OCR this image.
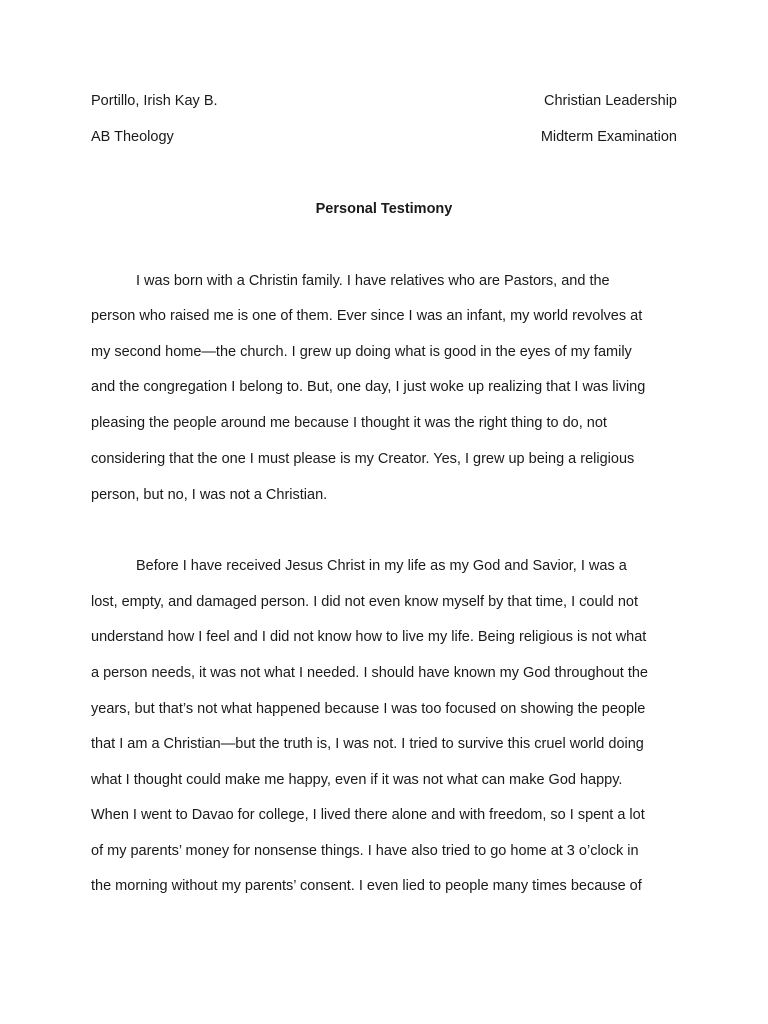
Portillo, Irish Kay B.	Christian Leadership
AB Theology	Midterm Examination
Personal Testimony
I was born with a Christin family. I have relatives who are Pastors, and the
person who raised me is one of them. Ever since I was an infant, my world revolves at
my second home—the church. I grew up doing what is good in the eyes of my family
and the congregation I belong to. But, one day, I just woke up realizing that I was living
pleasing the people around me because I thought it was the right thing to do, not
considering that the one I must please is my Creator. Yes, I grew up being a religious
person, but no, I was not a Christian.
Before I have received Jesus Christ in my life as my God and Savior, I was a
lost, empty, and damaged person. I did not even know myself by that time, I could not
understand how I feel and I did not know how to live my life. Being religious is not what
a person needs, it was not what I needed. I should have known my God throughout the
years, but that’s not what happened because I was too focused on showing the people
that I am a Christian—but the truth is, I was not. I tried to survive this cruel world doing
what I thought could make me happy, even if it was not what can make God happy.
When I went to Davao for college, I lived there alone and with freedom, so I spent a lot
of my parents’ money for nonsense things. I have also tried to go home at 3 o’clock in
the morning without my parents’ consent. I even lied to people many times because of
